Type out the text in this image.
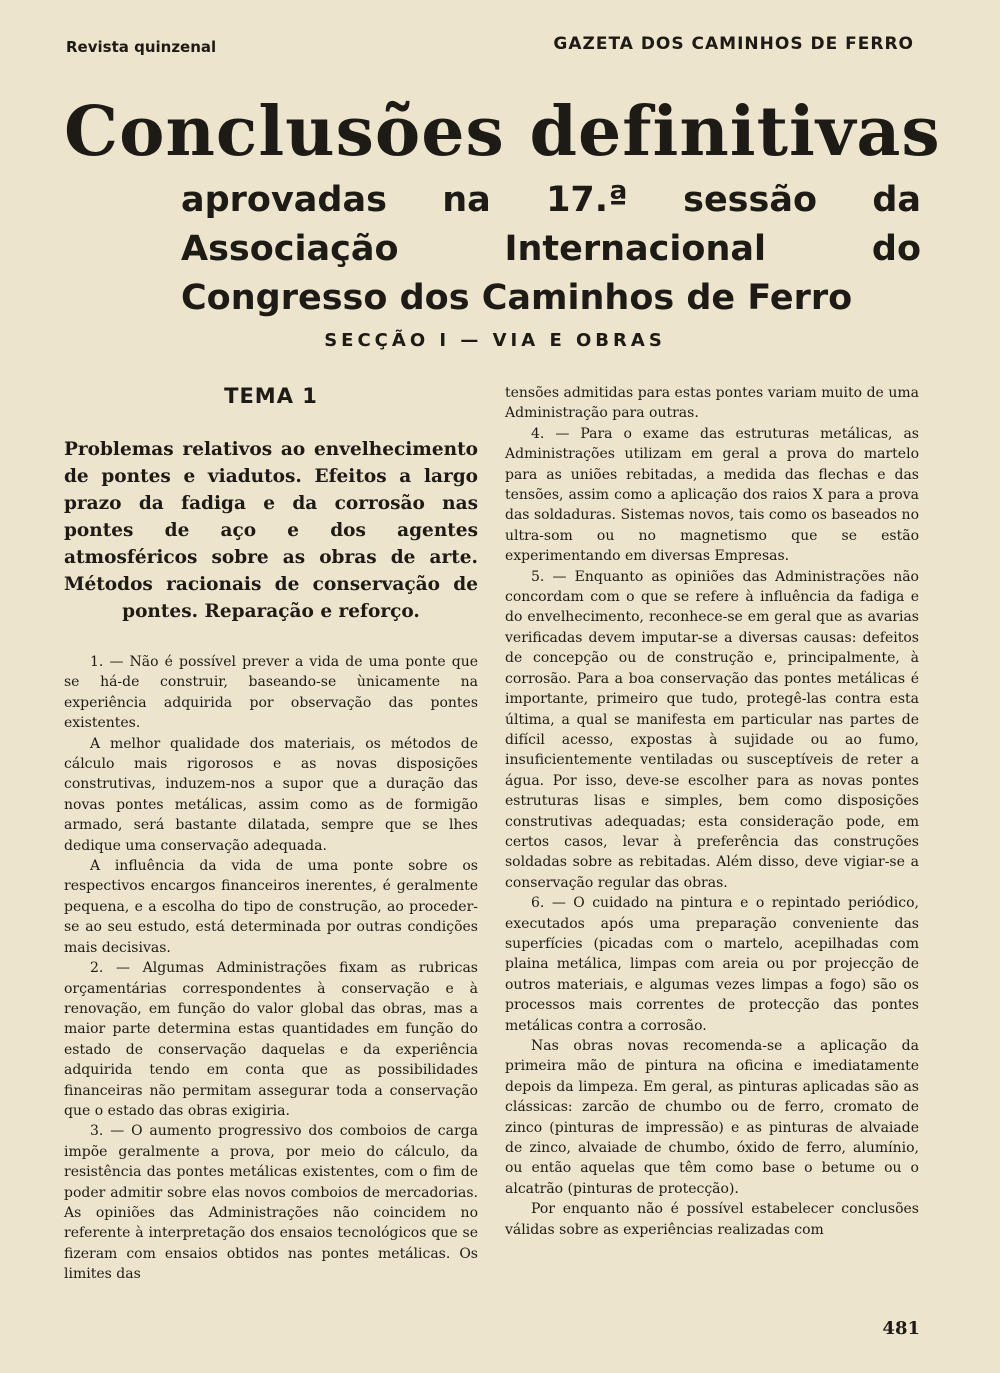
Revista quinzenal	GAZETA DOS CAMINHOS DE FERRO
Conclusões definitivas
aprovadas na 17.ª sessão da Associação Internacional do Congresso dos Caminhos de Ferro
SECÇÃO I — VIA E OBRAS
TEMA 1
Problemas relativos ao envelhecimento de pontes e viadutos. Efeitos a largo prazo da fadiga e da corrosão nas pontes de aço e dos agentes atmosféricos sobre as obras de arte. Métodos racionais de conservação de pontes. Reparação e reforço.

1. — Não é possível prever a vida de uma ponte que se há-de construir, baseando-se ùnicamente na experiência adquirida por observação das pontes existentes.

A melhor qualidade dos materiais, os métodos de cálculo mais rigorosos e as novas disposições construtivas, induzem-nos a supor que a duração das novas pontes metálicas, assim como as de formigão armado, será bastante dilatada, sempre que se lhes dedique uma conservação adequada.

A influência da vida de uma ponte sobre os respectivos encargos financeiros inerentes, é geralmente pequena, e a escolha do tipo de construção, ao proceder-se ao seu estudo, está determinada por outras condições mais decisivas.

2. — Algumas Administrações fixam as rubricas orçamentárias correspondentes à conservação e à renovação, em função do valor global das obras, mas a maior parte determina estas quantidades em função do estado de conservação daquelas e da experiência adquirida tendo em conta que as possibilidades financeiras não permitam assegurar toda a conservação que o estado das obras exigiria.

3. — O aumento progressivo dos comboios de carga impõe geralmente a prova, por meio do cálculo, da resistência das pontes metálicas existentes, com o fim de poder admitir sobre elas novos comboios de mercadorias. As opiniões das Administrações não coincidem no referente à interpretação dos ensaios tecnológicos que se fizeram com ensaios obtidos nas pontes metálicas. Os limites das

tensões admitidas para estas pontes variam muito de uma Administração para outras.

4. — Para o exame das estruturas metálicas, as Administrações utilizam em geral a prova do martelo para as uniões rebitadas, a medida das flechas e das tensões, assim como a aplicação dos raios X para a prova das soldaduras. Sistemas novos, tais como os baseados no ultra-som ou no magnetismo que se estão experimentando em diversas Empresas.

5. — Enquanto as opiniões das Administrações não concordam com o que se refere à influência da fadiga e do envelhecimento, reconhece-se em geral que as avarias verificadas devem imputar-se a diversas causas: defeitos de concepção ou de construção e, principalmente, à corrosão. Para a boa conservação das pontes metálicas é importante, primeiro que tudo, protegê-las contra esta última, a qual se manifesta em particular nas partes de difícil acesso, expostas à sujidade ou ao fumo, insuficientemente ventiladas ou susceptíveis de reter a água. Por isso, deve-se escolher para as novas pontes estruturas lisas e simples, bem como disposições construtivas adequadas; esta consideração pode, em certos casos, levar à preferência das construções soldadas sobre as rebitadas. Além disso, deve vigiar-se a conservação regular das obras.

6. — O cuidado na pintura e o repintado periódico, executados após uma preparação conveniente das superfícies (picadas com o martelo, acepilhadas com plaina metálica, limpas com areia ou por projecção de outros materiais, e algumas vezes limpas a fogo) são os processos mais correntes de protecção das pontes metálicas contra a corrosão.

Nas obras novas recomenda-se a aplicação da primeira mão de pintura na oficina e imediatamente depois da limpeza. Em geral, as pinturas aplicadas são as clássicas: zarcão de chumbo ou de ferro, cromato de zinco (pinturas de impressão) e as pinturas de alvaiade de zinco, alvaiade de chumbo, óxido de ferro, alumínio, ou então aquelas que têm como base o betume ou o alcatrão (pinturas de protecção).

Por enquanto não é possível estabelecer conclusões válidas sobre as experiências realizadas com

481
